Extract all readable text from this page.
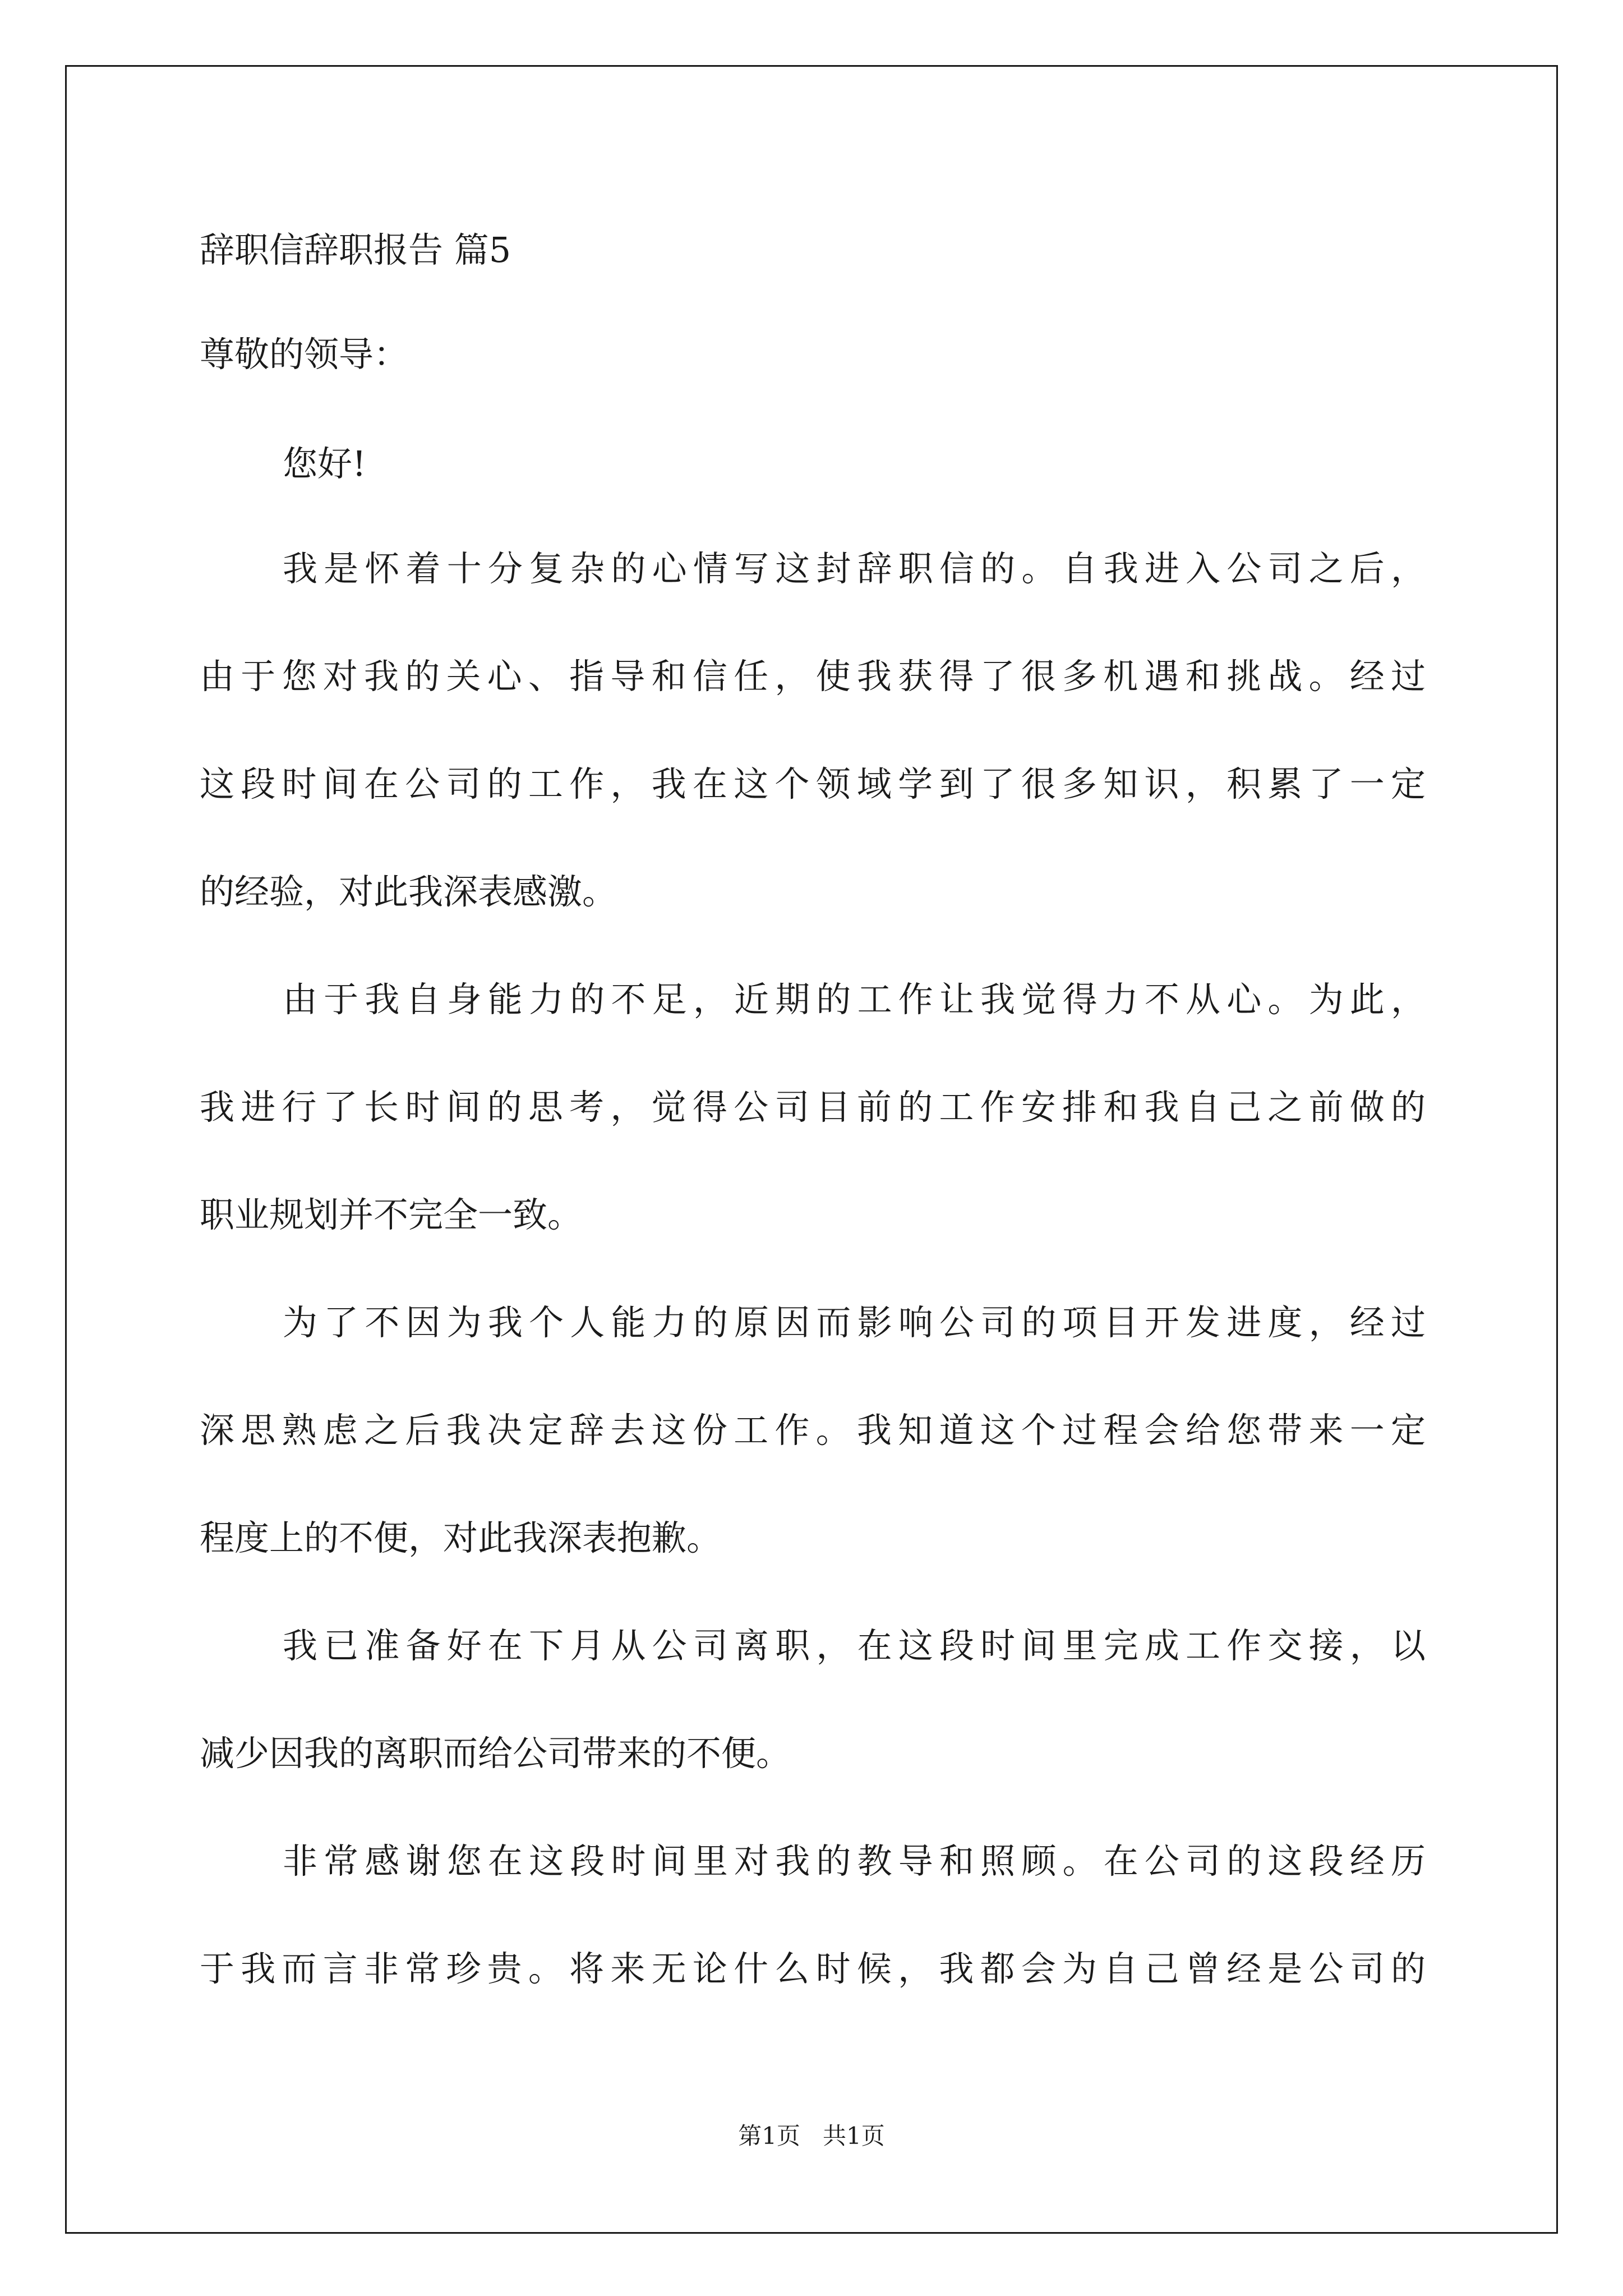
辞职信辞职报告 篇5
尊敬的领导：
您好!
我是怀着十分复杂的心情写这封辞职信的。自我进入公司之后，
由于您对我的关心、指导和信任，使我获得了很多机遇和挑战。经过
这段时间在公司的工作，我在这个领域学到了很多知识，积累了一定
的经验，对此我深表感激。
由于我自身能力的不足，近期的工作让我觉得力不从心。为此，
我进行了长时间的思考，觉得公司目前的工作安排和我自己之前做的
职业规划并不完全一致。
为了不因为我个人能力的原因而影响公司的项目开发进度，经过
深思熟虑之后我决定辞去这份工作。我知道这个过程会给您带来一定
程度上的不便，对此我深表抱歉。
我已准备好在下月从公司离职，在这段时间里完成工作交接，以
减少因我的离职而给公司带来的不便。
非常感谢您在这段时间里对我的教导和照顾。在公司的这段经历
于我而言非常珍贵。将来无论什么时候，我都会为自己曾经是公司的
第1页   共1页
